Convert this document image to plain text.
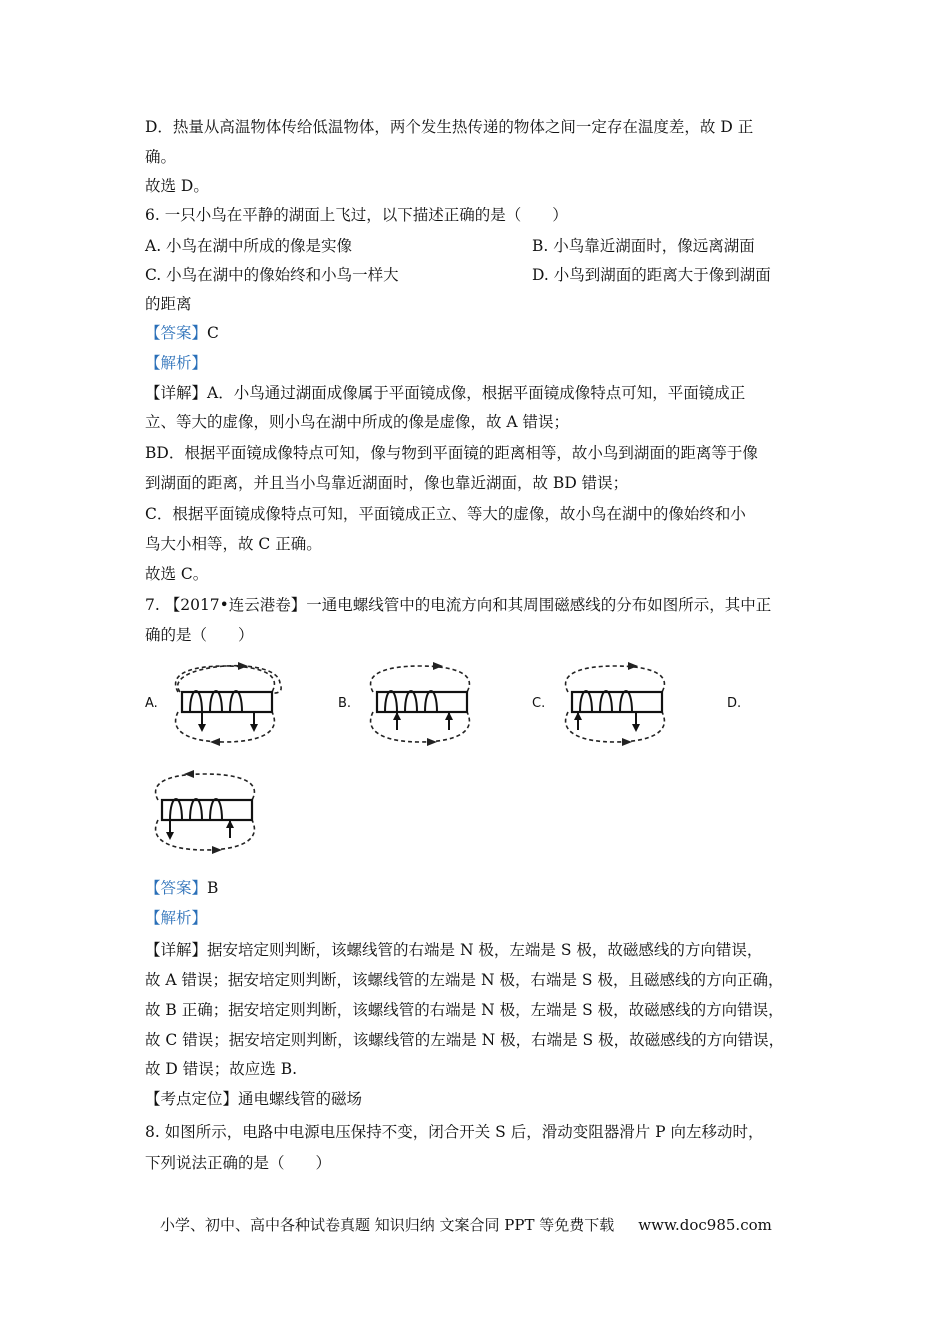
D．热量从高温物体传给低温物体，两个发生热传递的物体之间一定存在温度差，故 D 正
确。
故选 D。
6. 一只小鸟在平静的湖面上飞过，以下描述正确的是（　　）
A. 小鸟在湖中所成的像是实像	B. 小鸟靠近湖面时，像远离湖面
C. 小鸟在湖中的像始终和小鸟一样大	D. 小鸟到湖面的距离大于像到湖面
的距离
【答案】C
【解析】
【详解】A．小鸟通过湖面成像属于平面镜成像，根据平面镜成像特点可知，平面镜成正
立、等大的虚像，则小鸟在湖中所成的像是虚像，故 A 错误；
BD．根据平面镜成像特点可知，像与物到平面镜的距离相等，故小鸟到湖面的距离等于像
到湖面的距离，并且当小鸟靠近湖面时，像也靠近湖面，故 BD 错误；
C．根据平面镜成像特点可知，平面镜成正立、等大的虚像，故小鸟在湖中的像始终和小
鸟大小相等，故 C 正确。
故选 C。
7. 【2017•连云港卷】一通电螺线管中的电流方向和其周围磁感线的分布如图所示，其中正
确的是（　　）
A.	B.	C.	D.
【答案】B
【解析】
【详解】据安培定则判断，该螺线管的右端是 N 极，左端是 S 极，故磁感线的方向错误，
故 A 错误；据安培定则判断，该螺线管的左端是 N 极，右端是 S 极，且磁感线的方向正确，
故 B 正确；据安培定则判断，该螺线管的右端是 N 极，左端是 S 极，故磁感线的方向错误，
故 C 错误；据安培定则判断，该螺线管的左端是 N 极，右端是 S 极，故磁感线的方向错误，
故 D 错误；故应选 B.
【考点定位】通电螺线管的磁场
8. 如图所示，电路中电源电压保持不变，闭合开关 S 后，滑动变阻器滑片 P 向左移动时，
下列说法正确的是（　　）
小学、初中、高中各种试卷真题 知识归纳 文案合同 PPT 等免费下载 www.doc985.com
